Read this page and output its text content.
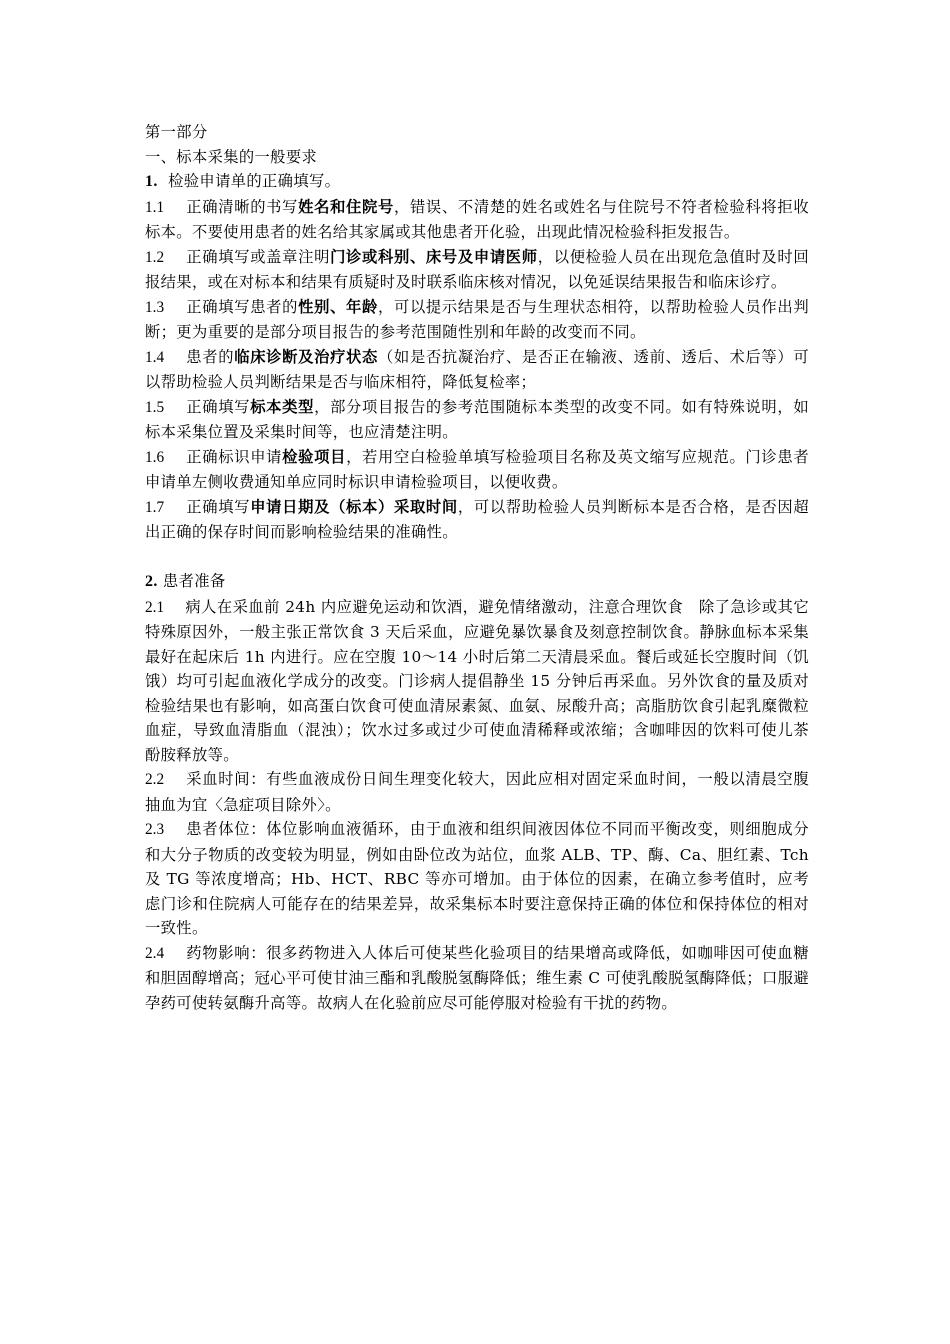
第一部分

一、标本采集的一般要求

1. 检验申请单的正确填写。

1.1 正确清晰的书写姓名和住院号，错误、不清楚的姓名或姓名与住院号不符者检验科将拒收标本。不要使用患者的姓名给其家属或其他患者开化验，出现此情况检验科拒发报告。

1.2 正确填写或盖章注明门诊或科别、床号及申请医师，以便检验人员在出现危急值时及时回报结果，或在对标本和结果有质疑时及时联系临床核对情况，以免延误结果报告和临床诊疗。

1.3 正确填写患者的性别、年龄，可以提示结果是否与生理状态相符，以帮助检验人员作出判断；更为重要的是部分项目报告的参考范围随性别和年龄的改变而不同。

1.4 患者的临床诊断及治疗状态（如是否抗凝治疗、是否正在输液、透前、透后、术后等）可以帮助检验人员判断结果是否与临床相符，降低复检率；

1.5 正确填写标本类型，部分项目报告的参考范围随标本类型的改变不同。如有特殊说明，如标本采集位置及采集时间等，也应清楚注明。

1.6 正确标识申请检验项目，若用空白检验单填写检验项目名称及英文缩写应规范。门诊患者申请单左侧收费通知单应同时标识申请检验项目，以便收费。

1.7 正确填写申请日期及（标本）采取时间，可以帮助检验人员判断标本是否合格，是否因超出正确的保存时间而影响检验结果的准确性。

2. 患者准备

2.1 病人在采血前 24h 内应避免运动和饮酒，避免情绪激动，注意合理饮食　除了急诊或其它特殊原因外，一般主张正常饮食 3 天后采血，应避免暴饮暴食及刻意控制饮食。静脉血标本采集最好在起床后 1h 内进行。应在空腹 10～14 小时后第二天清晨采血。餐后或延长空腹时间（饥饿）均可引起血液化学成分的改变。门诊病人提倡静坐 15 分钟后再采血。另外饮食的量及质对检验结果也有影响，如高蛋白饮食可使血清尿素氮、血氨、尿酸升高；高脂肪饮食引起乳糜微粒血症，导致血清脂血（混浊）；饮水过多或过少可使血清稀释或浓缩；含咖啡因的饮料可使儿茶酚胺释放等。

2.2 采血时间：有些血液成份日间生理变化较大，因此应相对固定采血时间，一般以清晨空腹抽血为宜〈急症项目除外〉。

2.3 患者体位：体位影响血液循环，由于血液和组织间液因体位不同而平衡改变，则细胞成分和大分子物质的改变较为明显，例如由卧位改为站位，血浆 ALB、TP、酶、Ca、胆红素、Tch 及 TG 等浓度增高；Hb、HCT、RBC 等亦可增加。由于体位的因素，在确立参考值时，应考虑门诊和住院病人可能存在的结果差异，故采集标本时要注意保持正确的体位和保持体位的相对一致性。

2.4 药物影响：很多药物进入人体后可使某些化验项目的结果增高或降低，如咖啡因可使血糖和胆固醇增高；冠心平可使甘油三酯和乳酸脱氢酶降低；维生素 C 可使乳酸脱氢酶降低；口服避孕药可使转氨酶升高等。故病人在化验前应尽可能停服对检验有干扰的药物。
